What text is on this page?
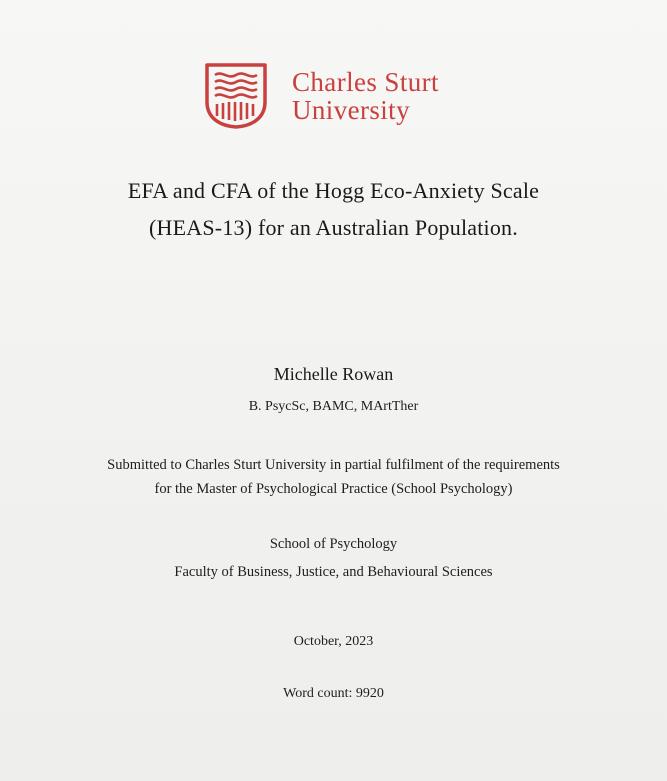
Charles Sturt
University
EFA and CFA of the Hogg Eco-Anxiety Scale
(HEAS-13) for an Australian Population.
Michelle Rowan
B. PsycSc, BAMC, MArtTher
Submitted to Charles Sturt University in partial fulfilment of the requirements
for the Master of Psychological Practice (School Psychology)
School of Psychology
Faculty of Business, Justice, and Behavioural Sciences
October, 2023
Word count: 9920
